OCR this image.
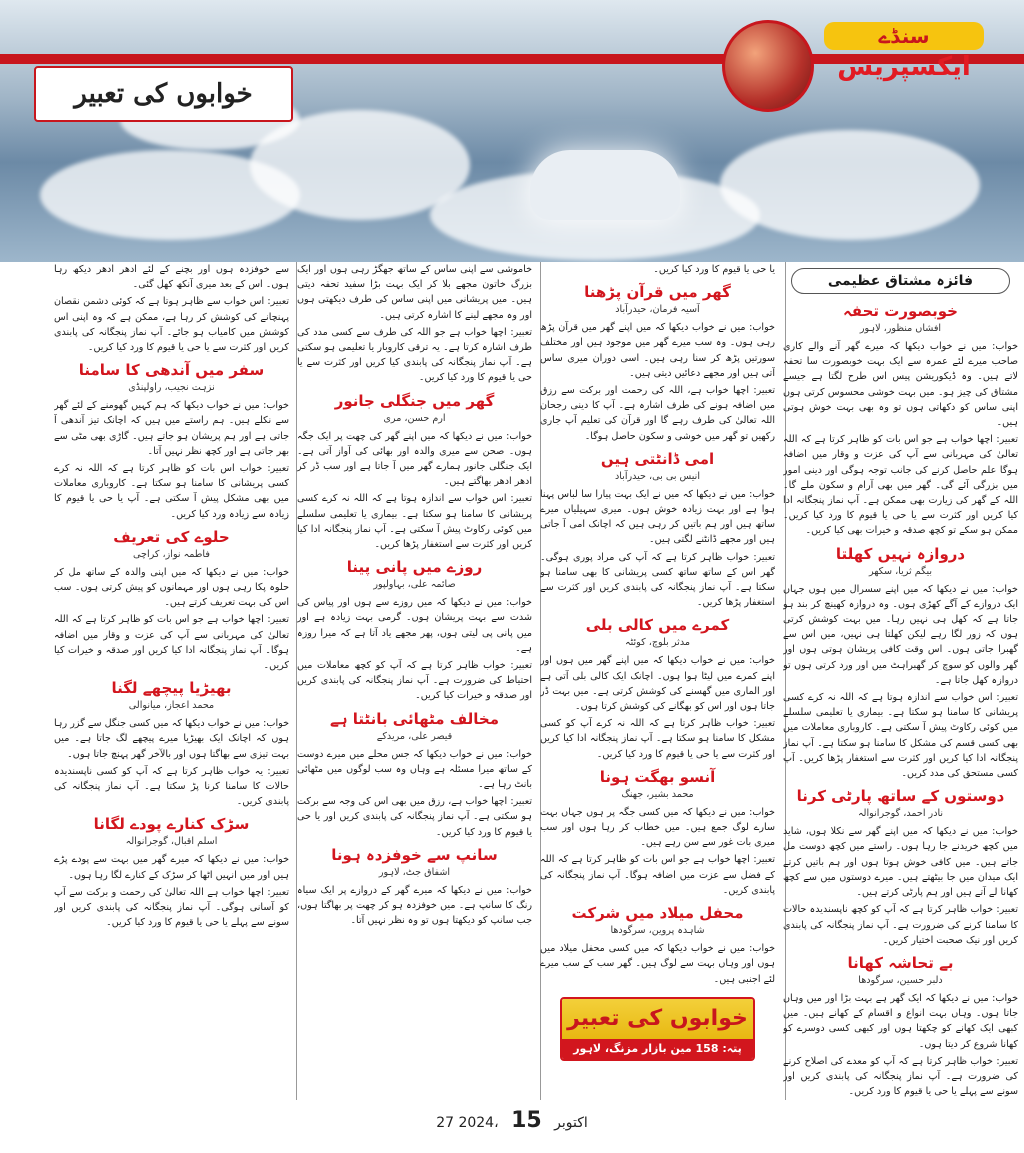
سنڈے
ایکسپریس
خوابوں کی تعبیر
فائزہ مشتاق عظیمی
خوبصورت تحفہ
افشاں منظور، لاہور

خواب: میں نے خواب دیکھا کہ میرے گھر آنے والے کاری صاحب میرے لئے عمرہ سے ایک بہت خوبصورت سا تحفہ لاتے ہیں۔ وہ ڈیکوریشن پیس اس طرح لگتا ہے جیسے مشتاق کی چیز ہو۔ میں بہت خوشی محسوس کرتی ہوں اپنی ساس کو دکھاتی ہوں تو وہ بھی بہت خوش ہوتی ہیں۔

تعبیر: اچھا خواب ہے جو اس بات کو ظاہر کرتا ہے کہ اللہ تعالیٰ کی مہربانی سے آپ کی عزت و وقار میں اضافہ ہوگا علم حاصل کرنے کی جانب توجہ ہوگی اور دینی امور میں بزرگی آئے گی۔ گھر میں بھی آرام و سکون ملے گا۔ اللہ کے گھر کی زیارت بھی ممکن ہے۔ آپ نماز پنجگانہ ادا کیا کریں اور کثرت سے یا حی یا قیوم کا ورد کیا کریں۔ ممکن ہو سکے تو کچھ صدقہ و خیرات بھی کیا کریں۔

دروازہ نہیں کھلتا
بیگم ثریا، سکھر

خواب: میں نے دیکھا کہ میں اپنے سسرال میں ہوں جہاں ایک دروازے کے آگے کھڑی ہوں۔ وہ دروازہ کھینچ کر بند ہو جاتا ہے کہ کھل ہی نہیں رہا۔ میں بہت کوشش کرتی ہوں کہ زور لگا رہے لیکن کھلتا ہی نہیں، میں اس سے گھبرا جاتی ہوں۔ اس وقت کافی پریشان ہوتی ہوں اور گھر والوں کو سوچ کر گھبراہٹ میں اور ورد کرتی ہوں تو دروازہ کھل جاتا ہے۔

تعبیر: اس خواب سے اندازہ ہوتا ہے کہ اللہ نہ کرے کسی پریشانی کا سامنا ہو سکتا ہے۔ بیماری یا تعلیمی سلسلے میں کوئی رکاوٹ پیش آ سکتی ہے۔ کاروباری معاملات میں بھی کسی قسم کی مشکل کا سامنا ہو سکتا ہے۔ آپ نماز پنجگانہ ادا کیا کریں اور کثرت سے استغفار پڑھا کریں۔ آپ کسی مستحق کی مدد کریں۔

دوستوں کے ساتھ پارٹی کرنا
نادر احمد، گوجرانوالہ

خواب: میں نے دیکھا کہ میں اپنے گھر سے نکلا ہوں، شاید میں کچھ خریدنے جا رہا ہوں۔ راستے میں کچھ دوست مل جاتے ہیں۔ میں کافی خوش ہوتا ہوں اور ہم باتیں کرتے ایک میدان میں جا بیٹھتے ہیں۔ میرے دوستوں میں سے کچھ کھانا لے آتے ہیں اور ہم پارٹی کرتے ہیں۔

تعبیر: خواب ظاہر کرتا ہے کہ آپ کو کچھ ناپسندیدہ حالات کا سامنا کرنے کی ضرورت ہے۔ آپ نماز پنجگانہ کی پابندی کریں اور نیک صحبت اختیار کریں۔

بے تحاشہ کھانا
دلبر حسین، سرگودھا

خواب: میں نے دیکھا کہ ایک گھر ہے بہت بڑا اور میں وہاں جاتا ہوں۔ وہاں بہت انواع و اقسام کے کھانے ہیں۔ میں کبھی ایک کھانے کو چکھتا ہوں اور کبھی کسی دوسرے کو کھانا شروع کر دیتا ہوں۔

تعبیر: خواب ظاہر کرتا ہے کہ آپ کو معدے کی اصلاح کرنے کی ضرورت ہے۔ آپ نماز پنجگانہ کی پابندی کریں اور سونے سے پہلے یا حی یا قیوم کا ورد کریں۔

یا حی یا قیوم کا ورد کیا کریں۔

گھر میں قرآن پڑھنا
آسیہ فرمان، حیدرآباد

خواب: میں نے خواب دیکھا کہ میں اپنے گھر میں قرآن پڑھ رہی ہوں۔ وہ سب میرے گھر میں موجود ہیں اور مختلف سورتیں پڑھ کر سنا رہی ہیں۔ اسی دوران میری ساس آتی ہیں اور مجھے دعائیں دیتی ہیں۔

تعبیر: اچھا خواب ہے، اللہ کی رحمت اور برکت سے رزق میں اضافہ ہونے کی طرف اشارہ ہے۔ آپ کا دینی رجحان اللہ تعالیٰ کی طرف رہے گا اور قرآن کی تعلیم آپ جاری رکھیں تو گھر میں خوشی و سکون حاصل ہوگا۔

امی ڈانٹتی ہیں
انیس بی بی، حیدرآباد

خواب: میں نے دیکھا کہ میں نے ایک بہت پیارا سا لباس پہنا ہوا ہے اور بہت زیادہ خوش ہوں۔ میری سہیلیاں میرے ساتھ ہیں اور ہم باتیں کر رہی ہیں کہ اچانک امی آ جاتی ہیں اور مجھے ڈانٹنے لگتی ہیں۔

تعبیر: خواب ظاہر کرتا ہے کہ آپ کی مراد پوری ہوگی۔ گھر اس کے ساتھ ساتھ کسی پریشانی کا بھی سامنا ہو سکتا ہے۔ آپ نماز پنجگانہ کی پابندی کریں اور کثرت سے استغفار پڑھا کریں۔

کمرے میں کالی بلی
مدثر بلوچ، کوئٹہ

خواب: میں نے خواب دیکھا کہ میں اپنے گھر میں ہوں اور اپنے کمرے میں لیٹا ہوا ہوں۔ اچانک ایک کالی بلی آتی ہے اور الماری میں گھسنے کی کوشش کرتی ہے۔ میں بہت ڈر جاتا ہوں اور اس کو بھگانے کی کوشش کرتا ہوں۔

تعبیر: خواب ظاہر کرتا ہے کہ اللہ نہ کرے آپ کو کسی مشکل کا سامنا ہو سکتا ہے۔ آپ نماز پنجگانہ ادا کیا کریں اور کثرت سے یا حی یا قیوم کا ورد کیا کریں۔

آنسو بھگت ہونا
محمد بشیر، جھنگ

خواب: میں نے دیکھا کہ میں کسی جگہ پر ہوں جہاں بہت سارے لوگ جمع ہیں۔ میں خطاب کر رہا ہوں اور سب میری بات غور سے سن رہے ہیں۔

تعبیر: اچھا خواب ہے جو اس بات کو ظاہر کرتا ہے کہ اللہ کے فضل سے عزت میں اضافہ ہوگا۔ آپ نماز پنجگانہ کی پابندی کریں۔

محفل میلاد میں شرکت
شاہدہ پروین، سرگودھا

خواب: میں نے خواب دیکھا کہ میں کسی محفل میلاد میں ہوں اور وہاں بہت سے لوگ ہیں۔ گھر سب کے سب میرے لئے اجنبی ہیں۔

خوابوں کی تعبیر
پتہ: 158 مین بازار مزنگ، لاہور

خاموشی سے اپنی ساس کے ساتھ جھگڑ رہی ہوں اور ایک بزرگ خاتون مجھے بلا کر ایک بہت بڑا سفید تحفہ دیتی ہیں۔ میں پریشانی میں اپنی ساس کی طرف دیکھتی ہوں اور وہ مجھے لینے کا اشارہ کرتی ہیں۔

تعبیر: اچھا خواب ہے جو اللہ کی طرف سے کسی مدد کی طرف اشارہ کرتا ہے۔ یہ ترقی کاروبار یا تعلیمی ہو سکتی ہے۔ آپ نماز پنجگانہ کی پابندی کیا کریں اور کثرت سے یا حی یا قیوم کا ورد کیا کریں۔

گھر میں جنگلی جانور
ارم حسن، مری

خواب: میں نے دیکھا کہ میں اپنے گھر کی چھت پر ایک جگہ ہوں۔ صحن سے میری والدہ اور بھائی کی آواز آتی ہے۔ ایک جنگلی جانور ہمارے گھر میں آ جاتا ہے اور سب ڈر کر ادھر ادھر بھاگتے ہیں۔

تعبیر: اس خواب سے اندازہ ہوتا ہے کہ اللہ نہ کرے کسی پریشانی کا سامنا ہو سکتا ہے۔ بیماری یا تعلیمی سلسلے میں کوئی رکاوٹ پیش آ سکتی ہے۔ آپ نماز پنجگانہ ادا کیا کریں اور کثرت سے استغفار پڑھا کریں۔

روزے میں پانی پینا
صائمہ علی، بہاولپور

خواب: میں نے دیکھا کہ میں روزے سے ہوں اور پیاس کی شدت سے بہت پریشان ہوں۔ گرمی بہت زیادہ ہے اور میں پانی پی لیتی ہوں، پھر مجھے یاد آتا ہے کہ میرا روزہ ہے۔

تعبیر: خواب ظاہر کرتا ہے کہ آپ کو کچھ معاملات میں احتیاط کی ضرورت ہے۔ آپ نماز پنجگانہ کی پابندی کریں اور صدقہ و خیرات کیا کریں۔

مخالف مٹھائی بانٹتا ہے
قیصر علی، مریدکے

خواب: میں نے خواب دیکھا کہ جس محلے میں میرے دوست کے ساتھ میرا مسئلہ ہے وہاں وہ سب لوگوں میں مٹھائی بانٹ رہا ہے۔

تعبیر: اچھا خواب ہے، رزق میں بھی اس کی وجہ سے برکت ہو سکتی ہے۔ آپ نماز پنجگانہ کی پابندی کریں اور یا حی یا قیوم کا ورد کیا کریں۔

سانپ سے خوفزدہ ہونا
اشفاق جٹ، لاہور

خواب: میں نے دیکھا کہ میرے گھر کے دروازے پر ایک سیاہ رنگ کا سانپ ہے۔ میں خوفزدہ ہو کر چھت پر بھاگتا ہوں، جب سانپ کو دیکھتا ہوں تو وہ نظر نہیں آتا۔

سے خوفزدہ ہوں اور بچنے کے لئے ادھر ادھر دیکھ رہا ہوں۔ اس کے بعد میری آنکھ کھل گئی۔

تعبیر: اس خواب سے ظاہر ہوتا ہے کہ کوئی دشمن نقصان پہنچانے کی کوشش کر رہا ہے، ممکن ہے کہ وہ اپنی اس کوشش میں کامیاب ہو جائے۔ آپ نماز پنجگانہ کی پابندی کریں اور کثرت سے یا حی یا قیوم کا ورد کیا کریں۔

سفر میں آندھی کا سامنا
نزہت نجیب، راولپنڈی

خواب: میں نے خواب دیکھا کہ ہم کہیں گھومنے کے لئے گھر سے نکلے ہیں۔ ہم راستے میں ہیں کہ اچانک تیز آندھی آ جاتی ہے اور ہم پریشان ہو جاتے ہیں۔ گاڑی بھی مٹی سے بھر جاتی ہے اور کچھ نظر نہیں آتا۔

تعبیر: خواب اس بات کو ظاہر کرتا ہے کہ اللہ نہ کرے کسی پریشانی کا سامنا ہو سکتا ہے۔ کاروباری معاملات میں بھی مشکل پیش آ سکتی ہے۔ آپ یا حی یا قیوم کا زیادہ سے زیادہ ورد کیا کریں۔

حلوے کی تعریف
فاطمہ نواز، کراچی

خواب: میں نے دیکھا کہ میں اپنی والدہ کے ساتھ مل کر حلوہ پکا رہی ہوں اور مہمانوں کو پیش کرتی ہوں۔ سب اس کی بہت تعریف کرتے ہیں۔

تعبیر: اچھا خواب ہے جو اس بات کو ظاہر کرتا ہے کہ اللہ تعالیٰ کی مہربانی سے آپ کی عزت و وقار میں اضافہ ہوگا۔ آپ نماز پنجگانہ ادا کیا کریں اور صدقہ و خیرات کیا کریں۔

بھیڑیا پیچھے لگنا
محمد اعجاز، میانوالی

خواب: میں نے خواب دیکھا کہ میں کسی جنگل سے گزر رہا ہوں کہ اچانک ایک بھیڑیا میرے پیچھے لگ جاتا ہے۔ میں بہت تیزی سے بھاگتا ہوں اور بالآخر گھر پہنچ جاتا ہوں۔

تعبیر: یہ خواب ظاہر کرتا ہے کہ آپ کو کسی ناپسندیدہ حالات کا سامنا کرنا پڑ سکتا ہے۔ آپ نماز پنجگانہ کی پابندی کریں۔

سڑک کنارے پودے لگانا
اسلم اقبال، گوجرانوالہ

خواب: میں نے دیکھا کہ میرے گھر میں بہت سے پودے پڑے ہیں اور میں انہیں اٹھا کر سڑک کے کنارے لگا رہا ہوں۔

تعبیر: اچھا خواب ہے اللہ تعالیٰ کی رحمت و برکت سے آپ کو آسانی ہوگی۔ آپ نماز پنجگانہ کی پابندی کریں اور سونے سے پہلے یا حی یا قیوم کا ورد کیا کریں۔

27 اکتوبر 15 ،2024
